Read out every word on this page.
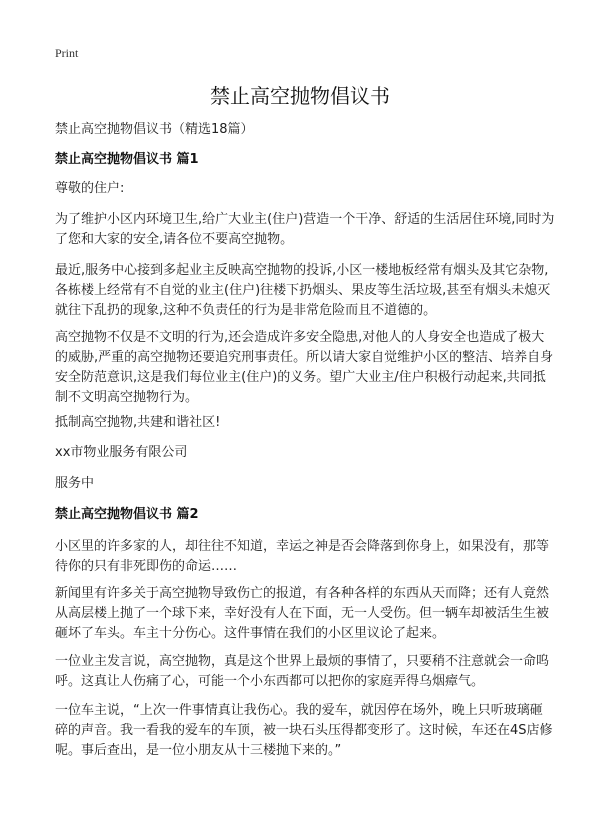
Print
禁止高空抛物倡议书
禁止高空抛物倡议书（精选18篇）
禁止高空抛物倡议书 篇1
尊敬的住户:
为了维护小区内环境卫生,给广大业主(住户)营造一个干净、舒适的生活居住环境,同时为了您和大家的安全,请各位不要高空抛物。
最近,服务中心接到多起业主反映高空抛物的投诉,小区一楼地板经常有烟头及其它杂物,各栋楼上经常有不自觉的业主(住户)往楼下扔烟头、果皮等生活垃圾,甚至有烟头未熄灭就往下乱扔的现象,这种不负责任的行为是非常危险而且不道德的。
高空抛物不仅是不文明的行为,还会造成许多安全隐患,对他人的人身安全也造成了极大的威胁,严重的高空抛物还要追究刑事责任。所以请大家自觉维护小区的整洁、培养自身安全防范意识,这是我们每位业主(住户)的义务。望广大业主/住户积极行动起来,共同抵制不文明高空抛物行为。
抵制高空抛物,共建和谐社区!
xx市物业服务有限公司
服务中
禁止高空抛物倡议书 篇2
小区里的许多家的人，却往往不知道，幸运之神是否会降落到你身上，如果没有，那等待你的只有非死即伤的命运……
新闻里有许多关于高空抛物导致伤亡的报道，有各种各样的东西从天而降；还有人竟然从高层楼上抛了一个球下来，幸好没有人在下面，无一人受伤。但一辆车却被活生生被砸坏了车头。车主十分伤心。这件事情在我们的小区里议论了起来。
一位业主发言说，高空抛物，真是这个世界上最烦的事情了，只要稍不注意就会一命呜呼。这真让人伤痛了心，可能一个小东西都可以把你的家庭弄得乌烟瘴气。
一位车主说，“上次一件事情真让我伤心。我的爱车，就因停在场外，晚上只听玻璃砸碎的声音。我一看我的爱车的车顶，被一块石头压得都变形了。这时候，车还在4S店修呢。事后查出，是一位小朋友从十三楼抛下来的。”
